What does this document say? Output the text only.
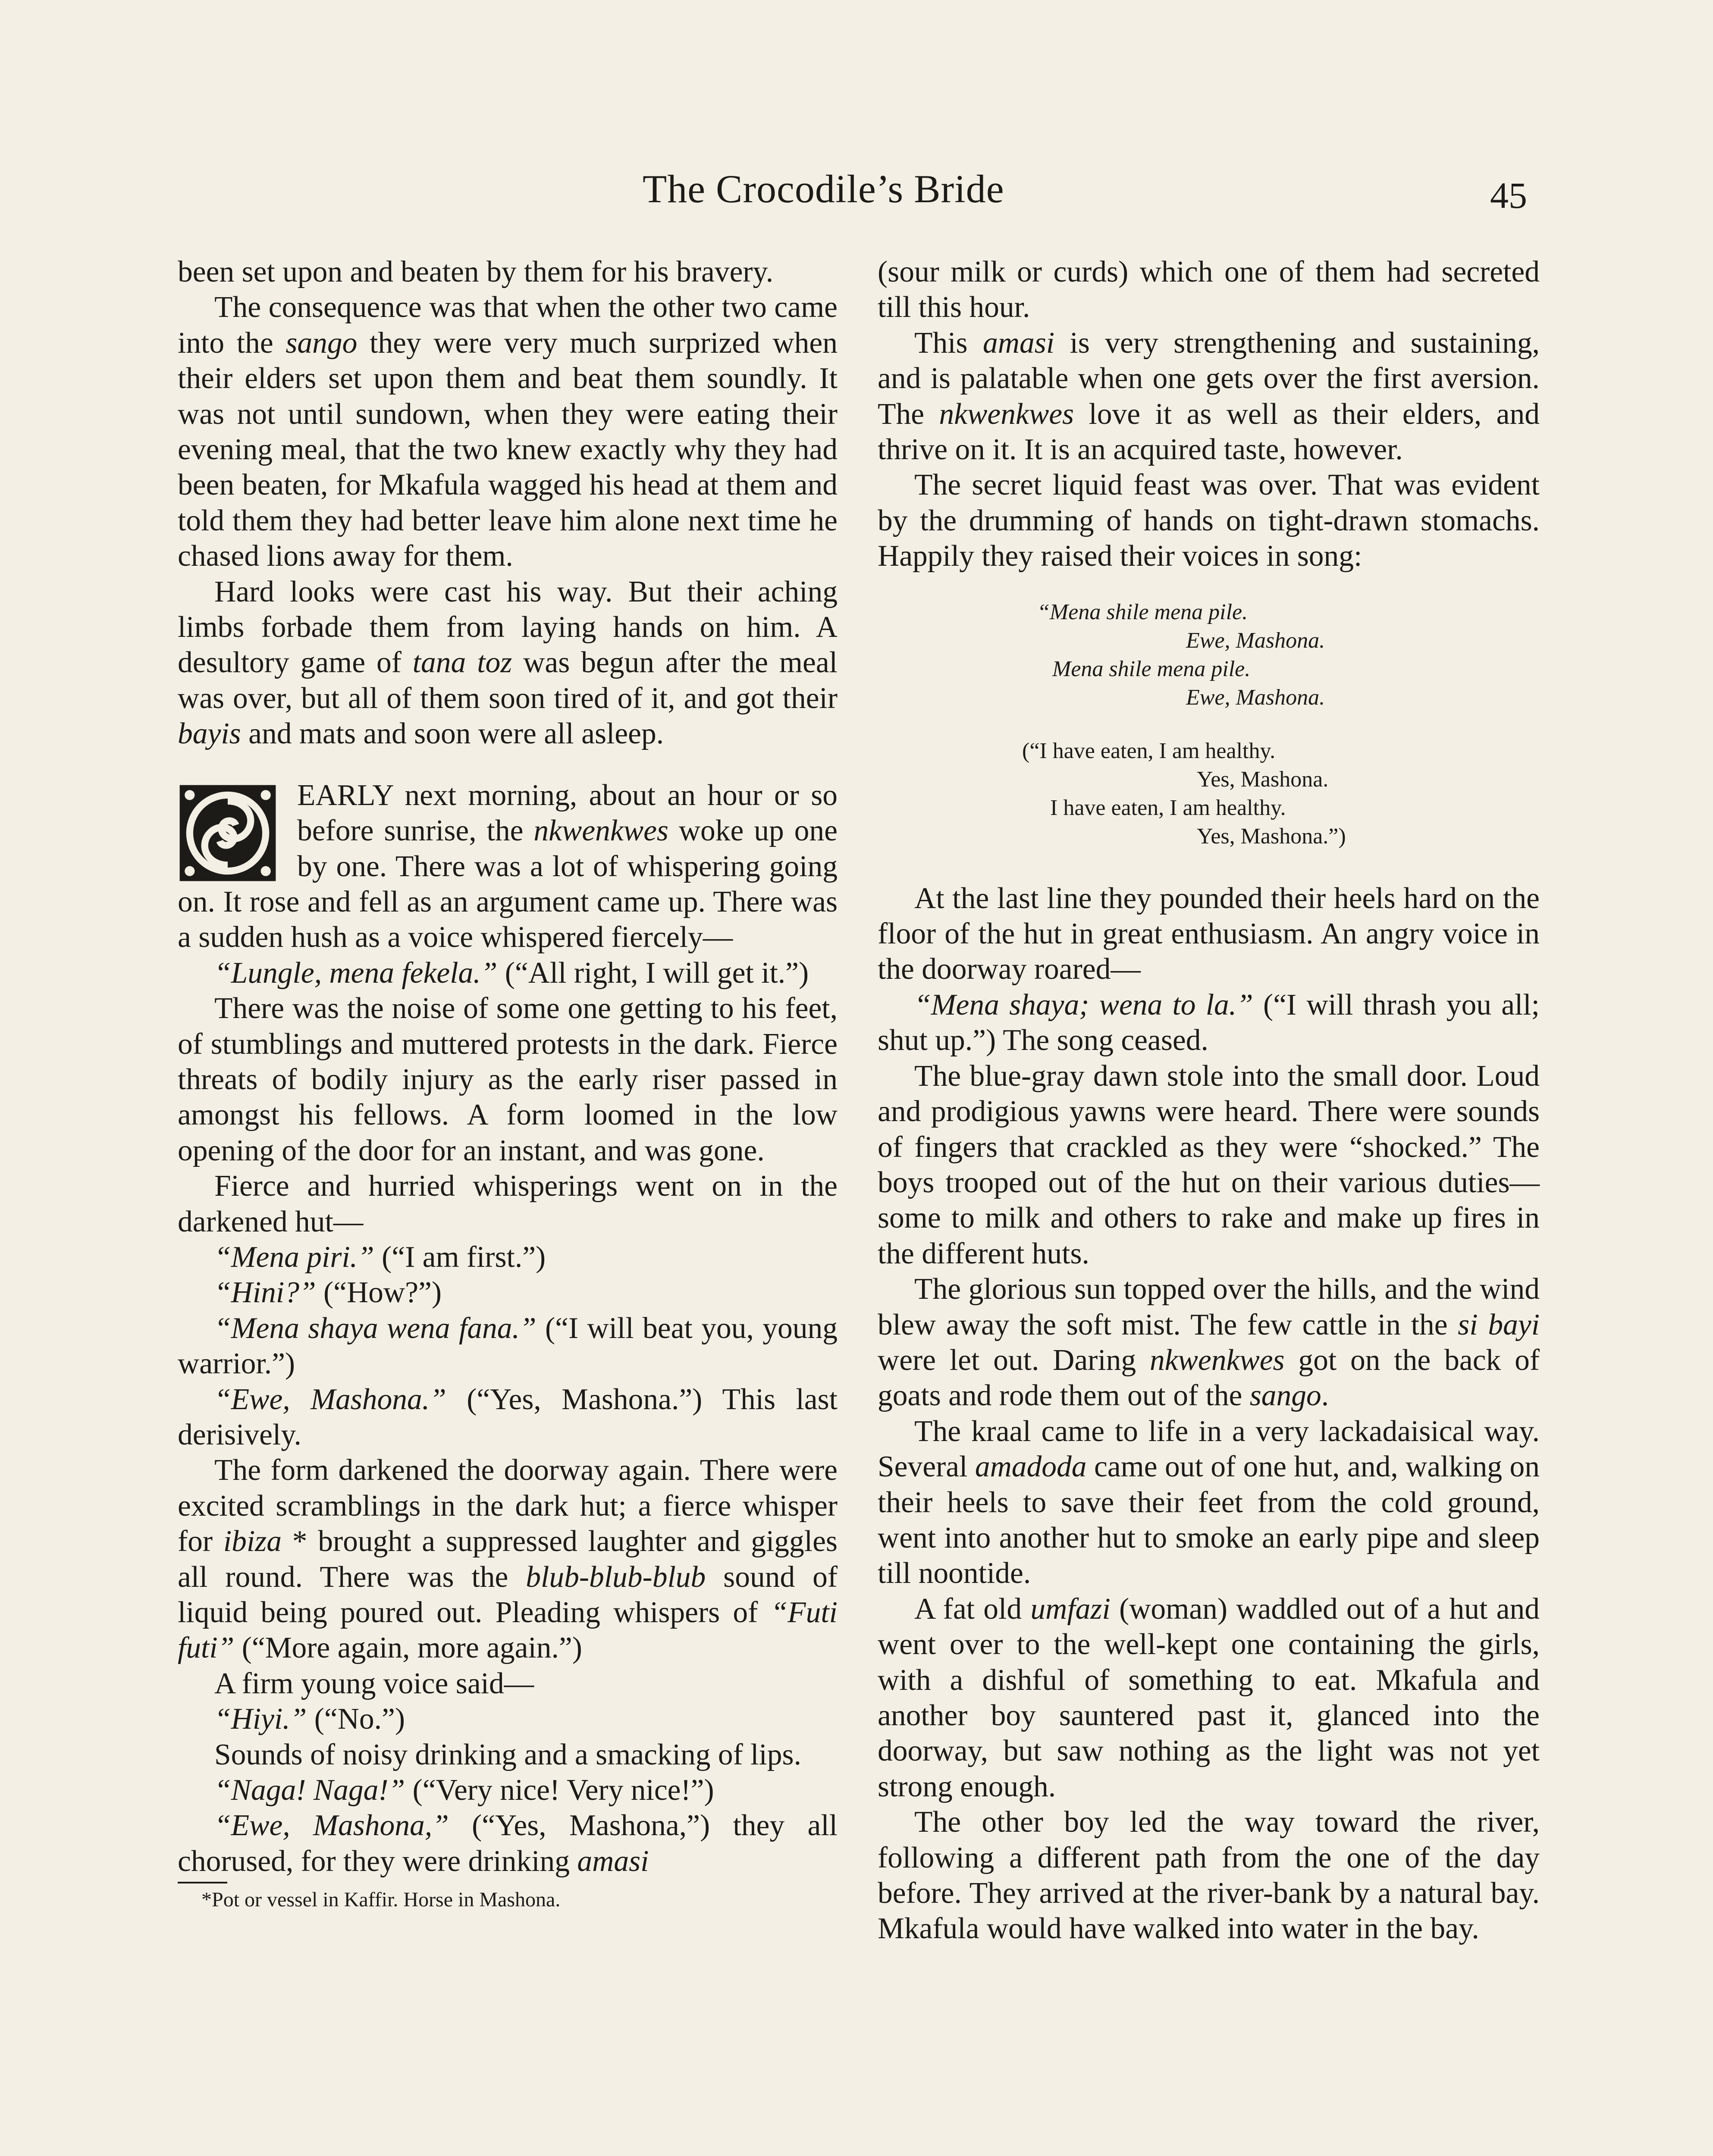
The Crocodile’s Bride	45

been set upon and beaten by them for his bravery.

The consequence was that when the other two came into the sango they were very much surprized when their elders set upon them and beat them soundly. It was not until sundown, when they were eating their evening meal, that the two knew exactly why they had been beaten, for Mkafula wagged his head at them and told them they had better leave him alone next time he chased lions away for them.

Hard looks were cast his way. But their aching limbs forbade them from laying hands on him. A desultory game of tana toz was begun after the meal was over, but all of them soon tired of it, and got their bayis and mats and soon were all asleep.

EARLY next morning, about an hour or so before sunrise, the nkwenkwes woke up one by one. There was a lot of whispering going on. It rose and fell as an argument came up. There was a sudden hush as a voice whispered fiercely—

“Lungle, mena fekela.” (“All right, I will get it.”)

There was the noise of some one getting to his feet, of stumblings and muttered protests in the dark. Fierce threats of bodily injury as the early riser passed in amongst his fellows. A form loomed in the low opening of the door for an instant, and was gone.

Fierce and hurried whisperings went on in the darkened hut—

“Mena piri.” (“I am first.”)

“Hini?” (“How?”)

“Mena shaya wena fana.” (“I will beat you, young warrior.”)

“Ewe, Mashona.” (“Yes, Mashona.”) This last derisively.

The form darkened the doorway again. There were excited scramblings in the dark hut; a fierce whisper for ibiza * brought a suppressed laughter and giggles all round. There was the blub-blub-blub sound of liquid being poured out. Pleading whispers of “Futi futi” (“More again, more again.”)

A firm young voice said—

“Hiyi.” (“No.”)

Sounds of noisy drinking and a smacking of lips.

“Naga! Naga!” (“Very nice! Very nice!”)

“Ewe, Mashona,” (“Yes, Mashona,”) they all chorused, for they were drinking amasi

*Pot or vessel in Kaffir. Horse in Mashona.

(sour milk or curds) which one of them had secreted till this hour.

This amasi is very strengthening and sustaining, and is palatable when one gets over the first aversion. The nkwenkwes love it as well as their elders, and thrive on it. It is an acquired taste, however.

The secret liquid feast was over. That was evident by the drumming of hands on tight-drawn stomachs. Happily they raised their voices in song:

“Mena shile mena pile.
Ewe, Mashona.
Mena shile mena pile.
Ewe, Mashona.
(“I have eaten, I am healthy.
Yes, Mashona.
I have eaten, I am healthy.
Yes, Mashona.”)

At the last line they pounded their heels hard on the floor of the hut in great enthusiasm. An angry voice in the doorway roared—

“Mena shaya; wena to la.” (“I will thrash you all; shut up.”) The song ceased.

The blue-gray dawn stole into the small door. Loud and prodigious yawns were heard. There were sounds of fingers that crackled as they were “shocked.” The boys trooped out of the hut on their various duties—some to milk and others to rake and make up fires in the different huts.

The glorious sun topped over the hills, and the wind blew away the soft mist. The few cattle in the si bayi were let out. Daring nkwenkwes got on the back of goats and rode them out of the sango.

The kraal came to life in a very lackadaisical way. Several amadoda came out of one hut, and, walking on their heels to save their feet from the cold ground, went into another hut to smoke an early pipe and sleep till noontide.

A fat old umfazi (woman) waddled out of a hut and went over to the well-kept one containing the girls, with a dishful of something to eat. Mkafula and another boy sauntered past it, glanced into the doorway, but saw nothing as the light was not yet strong enough.

The other boy led the way toward the river, following a different path from the one of the day before. They arrived at the river-bank by a natural bay. Mkafula would have walked into water in the bay.
